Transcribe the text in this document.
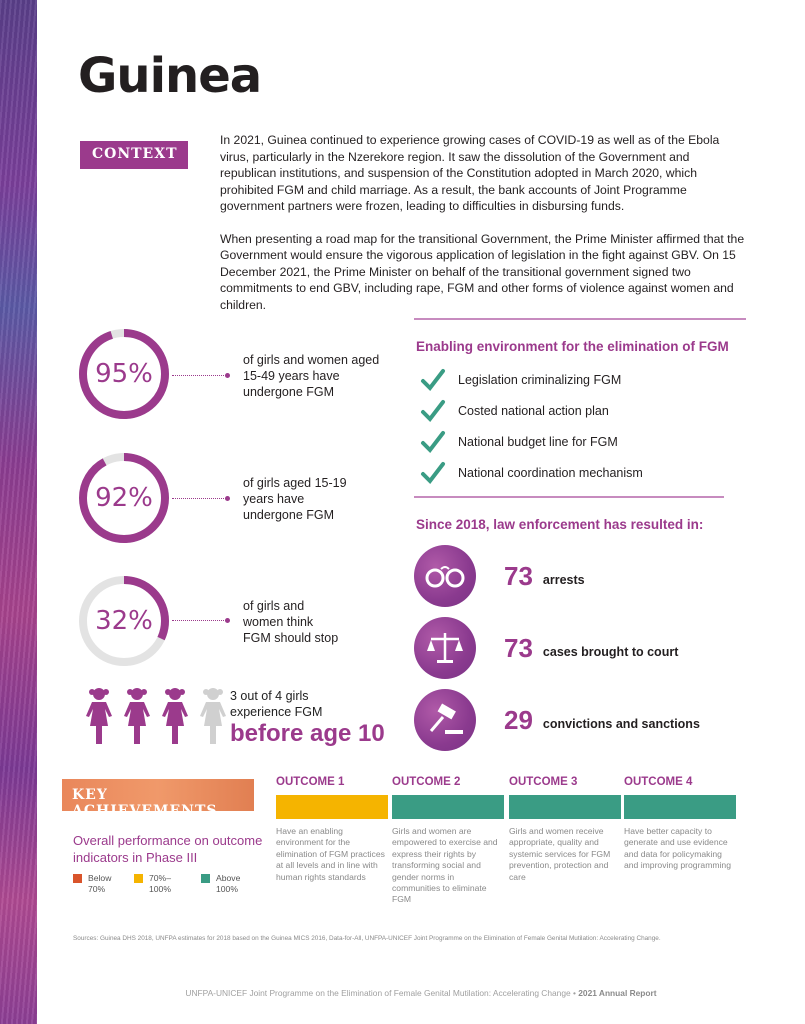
Guinea
CONTEXT

In 2021, Guinea continued to experience growing cases of COVID-19 as well as of the Ebola virus, particularly in the Nzerekore region. It saw the dissolution of the Government and republican institutions, and suspension of the Constitution adopted in March 2020, which prohibited FGM and child marriage. As a result, the bank accounts of Joint Programme government partners were frozen, leading to difficulties in disbursing funds.

When presenting a road map for the transitional Government, the Prime Minister affirmed that the Government would ensure the vigorous application of legislation in the fight against GBV. On 15 December 2021, the Prime Minister on behalf of the transitional government signed two commitments to end GBV, including rape, FGM and other forms of violence against women and children.

95%	of girls and women aged 15-49 years have undergone FGM
92%	of girls aged 15-19 years have undergone FGM
32%	of girls and women think FGM should stop
3 out of 4 girls experience FGM
before age 10
Enabling environment for the elimination of FGM
Legislation criminalizing FGM
Costed national action plan
National budget line for FGM
National coordination mechanism
Since 2018, law enforcement has resulted in:
73 arrests
73 cases brought to court
29 convictions and sanctions
KEY ACHIEVEMENTS
Overall performance on outcome indicators in Phase III
Below 70%
70%–100%
Above 100%
OUTCOME 1
Have an enabling environment for the elimination of FGM practices at all levels and in line with human rights standards
OUTCOME 2
Girls and women are empowered to exercise and express their rights by transforming social and gender norms in communities to eliminate FGM
OUTCOME 3
Girls and women receive appropriate, quality and systemic services for FGM prevention, protection and care
OUTCOME 4
Have better capacity to generate and use evidence and data for policymaking and improving programming
Sources: Guinea DHS 2018, UNFPA estimates for 2018 based on the Guinea MICS 2016, Data-for-All, UNFPA-UNICEF Joint Programme on the Elimination of Female Genital Mutilation: Accelerating Change.
UNFPA-UNICEF Joint Programme on the Elimination of Female Genital Mutilation: Accelerating Change • 2021 Annual Report
